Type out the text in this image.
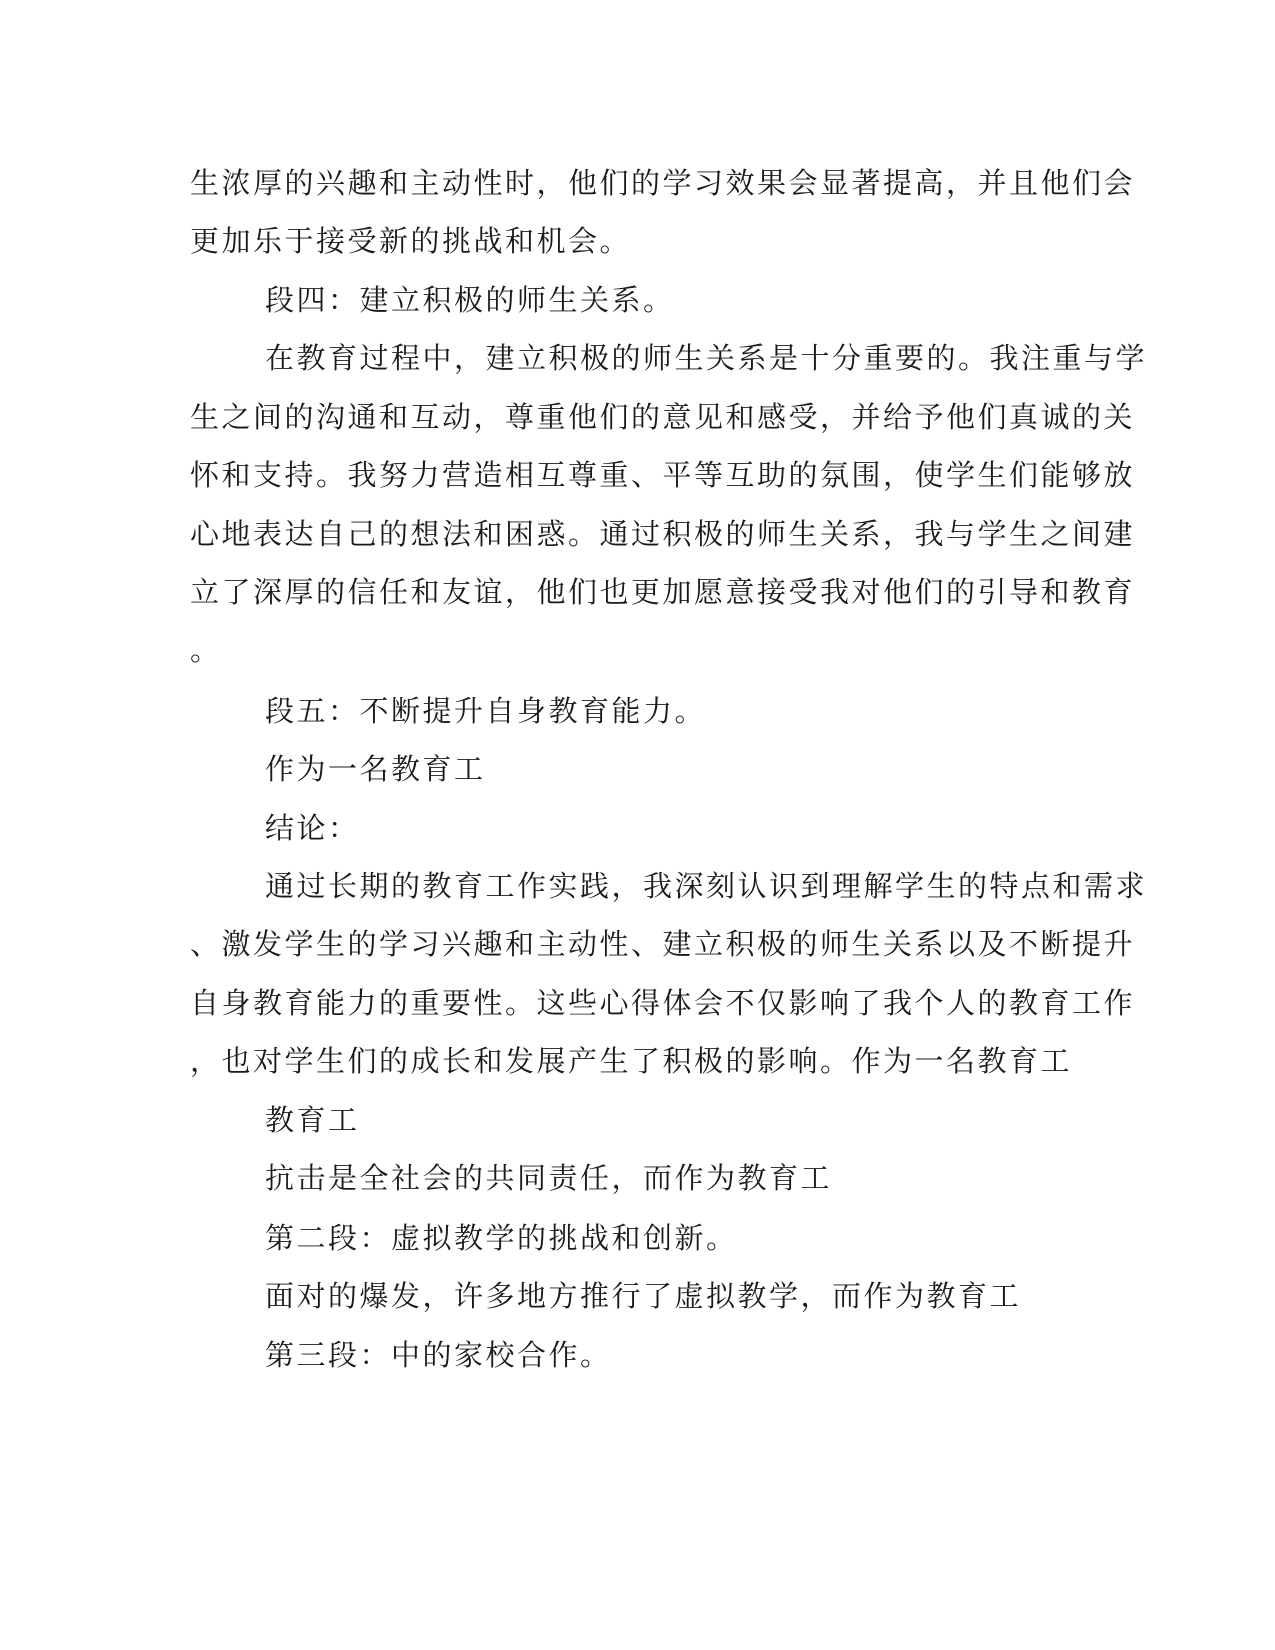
生浓厚的兴趣和主动性时，他们的学习效果会显著提高，并且他们会
更加乐于接受新的挑战和机会。
段四：建立积极的师生关系。
在教育过程中，建立积极的师生关系是十分重要的。我注重与学
生之间的沟通和互动，尊重他们的意见和感受，并给予他们真诚的关
怀和支持。我努力营造相互尊重、平等互助的氛围，使学生们能够放
心地表达自己的想法和困惑。通过积极的师生关系，我与学生之间建
立了深厚的信任和友谊，他们也更加愿意接受我对他们的引导和教育
。
段五：不断提升自身教育能力。
作为一名教育工
结论：
通过长期的教育工作实践，我深刻认识到理解学生的特点和需求
、激发学生的学习兴趣和主动性、建立积极的师生关系以及不断提升
自身教育能力的重要性。这些心得体会不仅影响了我个人的教育工作
，也对学生们的成长和发展产生了积极的影响。作为一名教育工
教育工
抗击是全社会的共同责任，而作为教育工
第二段：虚拟教学的挑战和创新。
面对的爆发，许多地方推行了虚拟教学，而作为教育工
第三段：中的家校合作。
